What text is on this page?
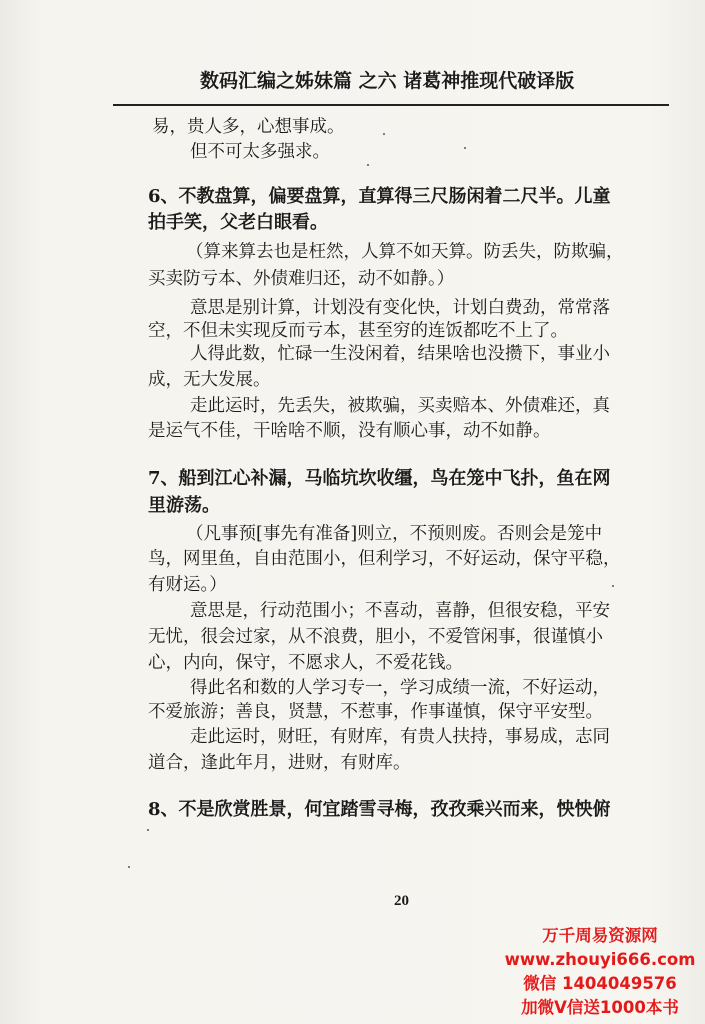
数码汇编之姊妹篇 之六 诸葛神推现代破译版
易，贵人多，心想事成。
但不可太多强求。
6、不教盘算，偏要盘算，直算得三尺肠闲着二尺半。儿童
拍手笑，父老白眼看。
（算来算去也是枉然，人算不如天算。防丢失，防欺骗，
买卖防亏本、外债难归还，动不如静。）
意思是别计算，计划没有变化快，计划白费劲，常常落
空，不但未实现反而亏本，甚至穷的连饭都吃不上了。
人得此数，忙碌一生没闲着，结果啥也没攒下，事业小
成，无大发展。
走此运时，先丢失，被欺骗，买卖赔本、外债难还，真
是运气不佳，干啥啥不顺，没有顺心事，动不如静。
7、船到江心补漏，马临坑坎收缰，鸟在笼中飞扑，鱼在网
里游荡。
（凡事预[事先有准备]则立，不预则废。否则会是笼中
鸟，网里鱼，自由范围小，但利学习，不好运动，保守平稳，
有财运。）
意思是，行动范围小；不喜动，喜静，但很安稳，平安
无忧，很会过家，从不浪费，胆小，不爱管闲事，很谨慎小
心，内向，保守，不愿求人，不爱花钱。
得此名和数的人学习专一，学习成绩一流，不好运动，
不爱旅游；善良，贤慧，不惹事，作事谨慎，保守平安型。
走此运时，财旺，有财库，有贵人扶持，事易成，志同
道合，逢此年月，进财，有财库。
8、不是欣赏胜景，何宜踏雪寻梅，孜孜乘兴而来，怏怏俯
20
万千周易资源网
www.zhouyi666.com
微信 1404049576
加微V信送1000本书
